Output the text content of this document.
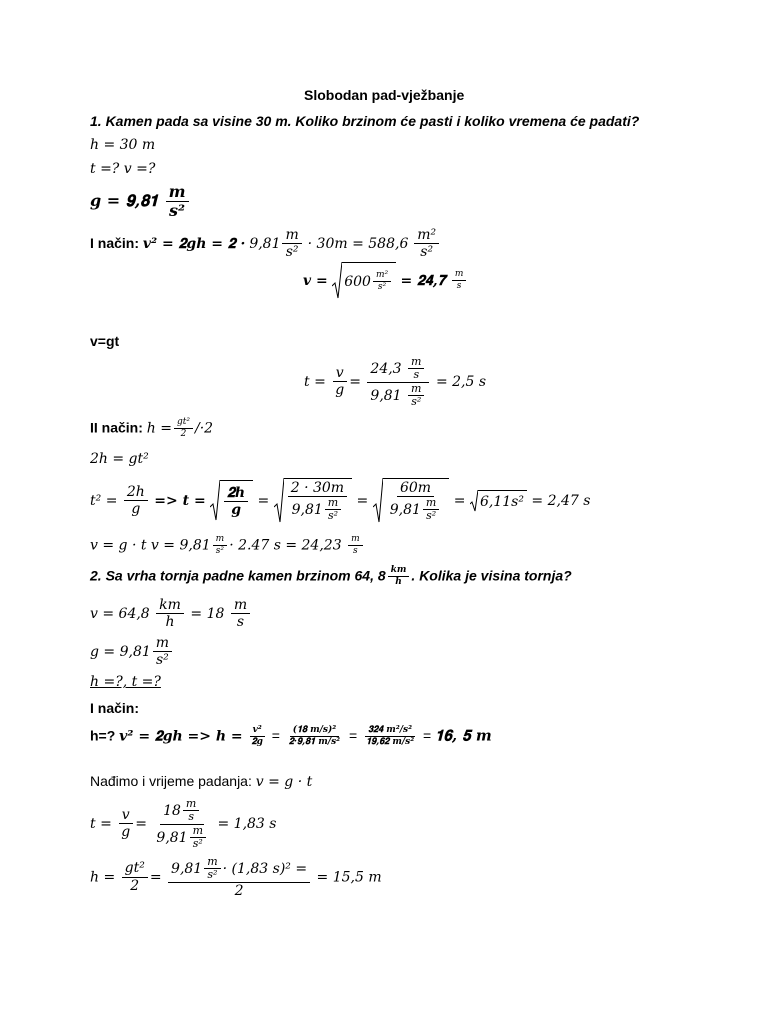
Slobodan pad-vježbanje
1. Kamen pada sa visine 30 m. Koliko brzinom će pasti i koliko vremena će padati?
ℎ = 30 𝑚
𝑡 =? 𝑣 =?
𝒈 = 𝟗,𝟖𝟏 $\frac{\text{𝒎}}{\text{𝒔²}}$
I način: 𝒗² = 𝟐𝒈𝒉 = 𝟐 · $9,81 \frac{m}{\text{s²}}$ · 30𝑚 = $588,6 \frac{\text{m²}}{\text{s²}}$
𝒗 = $600 \frac{\text{m²}}{\text{s²}}$ = 𝟐𝟒,𝟕 $\frac{m}{s}$
v=gt
𝑡 = $\frac{\text{𝑣}}{\text{𝑔}} = \frac{24,3 \frac{m}{s}}{9,81 \frac{m}{\text{s²}}} = 2,5$ 𝑠
II način: ℎ = $\frac{\text{gt²}}{2} /\cdot 2$
2ℎ = 𝑔𝑡²
𝑡² = $\frac{\text{2ℎ}}{\text{𝑔}}$ => 𝒕 = $\frac{\text{𝟐𝒉}}{\text{𝒈}} = \frac{\text{2 · 30𝑚}}{9,81 \frac{m}{\text{s²}}} = \frac{\text{60𝑚}}{9,81 \frac{m}{\text{s²}}}$ = 6,11𝑠² = 2,47 𝑠
𝑣 = 𝑔 · 𝑡 𝑣 = $9,81 \frac{m}{\text{s²}} \cdot 2.47$ 𝑠 = $24,23 \frac{m}{s}$
2. Sa vrha tornja padne kamen brzinom 64, $8 \frac{km}{h}$ . Kolika je visina tornja?
𝑣 = $64,8 \frac{\text{𝑘𝑚}}{\text{ℎ}} = 18 \frac{\text{𝑚}}{\text{𝑠}}$
𝑔 = $9,81 \frac{\text{𝑚}}{\text{𝑠²}}$
ℎ =?, 𝑡 =?
I način:
h=? 𝒗² = 𝟐𝒈𝒉 => 𝒉 = $\frac{\text{𝒗²}}{\text{𝟐𝒈}} = \frac{\text{(𝟏𝟖 m/s)²}}{\text{𝟐·𝟗,𝟖𝟏 m/s²}} = \frac{\text{𝟑𝟐𝟒 m²/s²}}{\text{𝟏𝟗,𝟔𝟐 m/s²}}$ = 𝟏𝟔, 𝟓 𝒎
Nađimo i vrijeme padanja: 𝑣 = 𝑔 · 𝑡
𝑡 = $\frac{\text{𝑣}}{\text{𝑔}} = \frac{18 \frac{m}{s}}{9,81 \frac{m}{\text{s²}}} = 1,83$ 𝑠
ℎ = $\frac{\text{𝑔𝑡²}}{2} = \frac{9,81 \frac{m}{\text{s²}} \cdot (1,83 𝑠)^2 =}{2} = 15,5$ 𝑚
